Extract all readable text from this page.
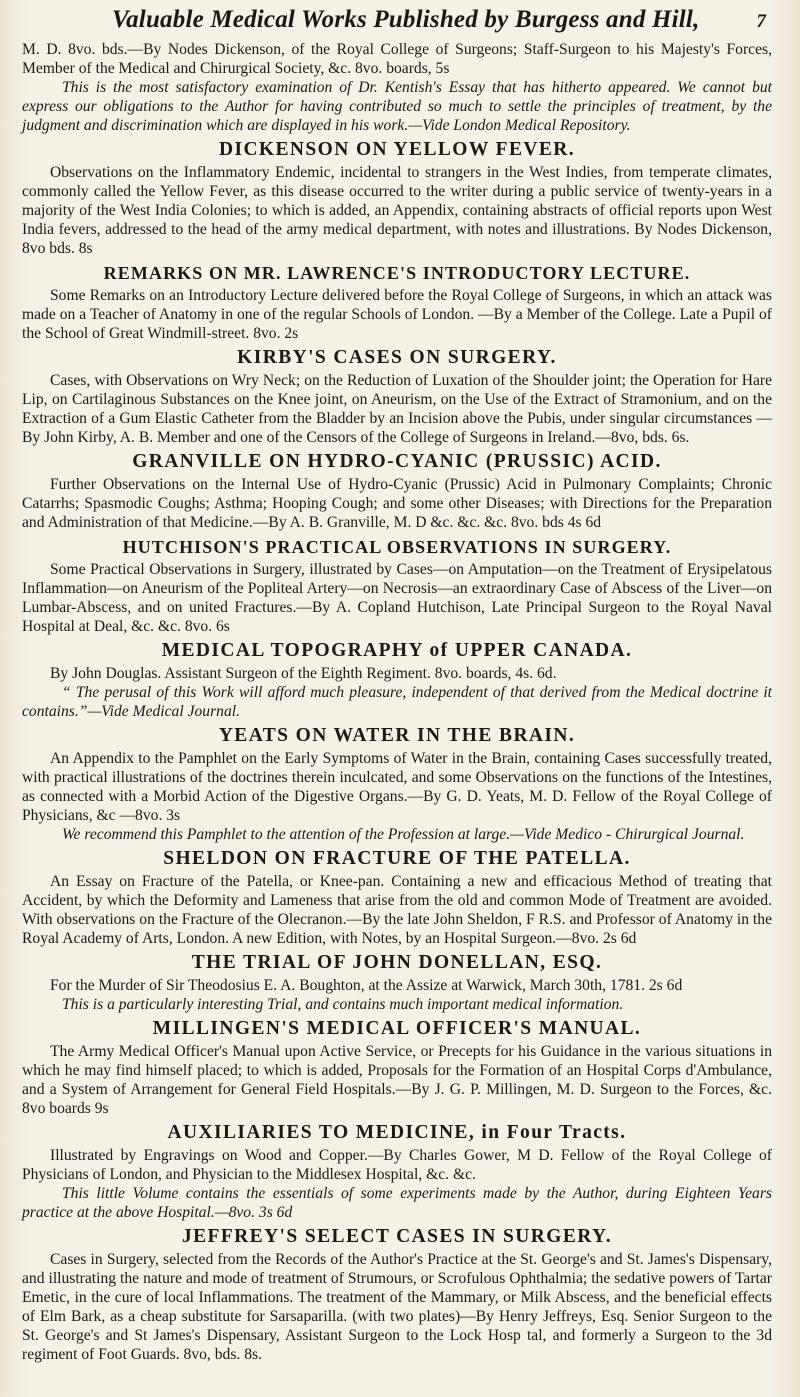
Valuable Medical Works Published by Burgess and Hill,	7

M. D. 8vo. bds.—By Nodes Dickenson, of the Royal College of Surgeons; Staff-Surgeon to his Majesty's Forces, Member of the Medical and Chirurgical Society, &c. 8vo. boards, 5s

This is the most satisfactory examination of Dr. Kentish's Essay that has hitherto appeared. We cannot but express our obligations to the Author for having contributed so much to settle the principles of treatment, by the judgment and discrimination which are displayed in his work.—Vide London Medical Repository.

DICKENSON ON YELLOW FEVER.

Observations on the Inflammatory Endemic, incidental to strangers in the West Indies, from temperate climates, commonly called the Yellow Fever, as this disease occurred to the writer during a public service of twenty-years in a majority of the West India Colonies; to which is added, an Appendix, containing abstracts of official reports upon West India fevers, addressed to the head of the army medical department, with notes and illustrations. By Nodes Dickenson, 8vo bds. 8s

REMARKS ON MR. LAWRENCE'S INTRODUCTORY LECTURE.

Some Remarks on an Introductory Lecture delivered before the Royal College of Surgeons, in which an attack was made on a Teacher of Anatomy in one of the regular Schools of London. —By a Member of the College. Late a Pupil of the School of Great Windmill-street. 8vo. 2s

KIRBY'S CASES ON SURGERY.

Cases, with Observations on Wry Neck; on the Reduction of Luxation of the Shoulder joint; the Operation for Hare Lip, on Cartilaginous Substances on the Knee joint, on Aneurism, on the Use of the Extract of Stramonium, and on the Extraction of a Gum Elastic Catheter from the Bladder by an Incision above the Pubis, under singular circumstances —By John Kirby, A. B. Member and one of the Censors of the College of Surgeons in Ireland.—8vo, bds. 6s.

GRANVILLE ON HYDRO-CYANIC (PRUSSIC) ACID.

Further Observations on the Internal Use of Hydro-Cyanic (Prussic) Acid in Pulmonary Complaints; Chronic Catarrhs; Spasmodic Coughs; Asthma; Hooping Cough; and some other Diseases; with Directions for the Preparation and Administration of that Medicine.—By A. B. Granville, M. D &c. &c. &c. 8vo. bds 4s 6d

HUTCHISON'S PRACTICAL OBSERVATIONS IN SURGERY.

Some Practical Observations in Surgery, illustrated by Cases—on Amputation—on the Treatment of Erysipelatous Inflammation—on Aneurism of the Popliteal Artery—on Necrosis—an extraordinary Case of Abscess of the Liver—on Lumbar-Abscess, and on united Fractures.—By A. Copland Hutchison, Late Principal Surgeon to the Royal Naval Hospital at Deal, &c. &c. 8vo. 6s

MEDICAL TOPOGRAPHY of UPPER CANADA.

By John Douglas. Assistant Surgeon of the Eighth Regiment. 8vo. boards, 4s. 6d.

“ The perusal of this Work will afford much pleasure, independent of that derived from the Medical doctrine it contains.”—Vide Medical Journal.

YEATS ON WATER IN THE BRAIN.

An Appendix to the Pamphlet on the Early Symptoms of Water in the Brain, containing Cases successfully treated, with practical illustrations of the doctrines therein inculcated, and some Observations on the functions of the Intestines, as connected with a Morbid Action of the Digestive Organs.—By G. D. Yeats, M. D. Fellow of the Royal College of Physicians, &c —8vo. 3s

We recommend this Pamphlet to the attention of the Profession at large.—Vide Medico - Chirurgical Journal.

SHELDON ON FRACTURE OF THE PATELLA.

An Essay on Fracture of the Patella, or Knee-pan. Containing a new and efficacious Method of treating that Accident, by which the Deformity and Lameness that arise from the old and common Mode of Treatment are avoided. With observations on the Fracture of the Olecranon.—By the late John Sheldon, F R.S. and Professor of Anatomy in the Royal Academy of Arts, London. A new Edition, with Notes, by an Hospital Surgeon.—8vo. 2s 6d

THE TRIAL OF JOHN DONELLAN, ESQ.

For the Murder of Sir Theodosius E. A. Boughton, at the Assize at Warwick, March 30th, 1781. 2s 6d

This is a particularly interesting Trial, and contains much important medical information.

MILLINGEN'S MEDICAL OFFICER'S MANUAL.

The Army Medical Officer's Manual upon Active Service, or Precepts for his Guidance in the various situations in which he may find himself placed; to which is added, Proposals for the Formation of an Hospital Corps d'Ambulance, and a System of Arrangement for General Field Hospitals.—By J. G. P. Millingen, M. D. Surgeon to the Forces, &c. 8vo boards 9s

AUXILIARIES TO MEDICINE, in Four Tracts.

Illustrated by Engravings on Wood and Copper.—By Charles Gower, M D. Fellow of the Royal College of Physicians of London, and Physician to the Middlesex Hospital, &c. &c.

This little Volume contains the essentials of some experiments made by the Author, during Eighteen Years practice at the above Hospital.—8vo. 3s 6d

JEFFREY'S SELECT CASES IN SURGERY.

Cases in Surgery, selected from the Records of the Author's Practice at the St. George's and St. James's Dispensary, and illustrating the nature and mode of treatment of Strumours, or Scrofulous Ophthalmia; the sedative powers of Tartar Emetic, in the cure of local Inflammations. The treatment of the Mammary, or Milk Abscess, and the beneficial effects of Elm Bark, as a cheap substitute for Sarsaparilla. (with two plates)—By Henry Jeffreys, Esq. Senior Surgeon to the St. George's and St James's Dispensary, Assistant Surgeon to the Lock Hosp tal, and formerly a Surgeon to the 3d regiment of Foot Guards. 8vo, bds. 8s.
